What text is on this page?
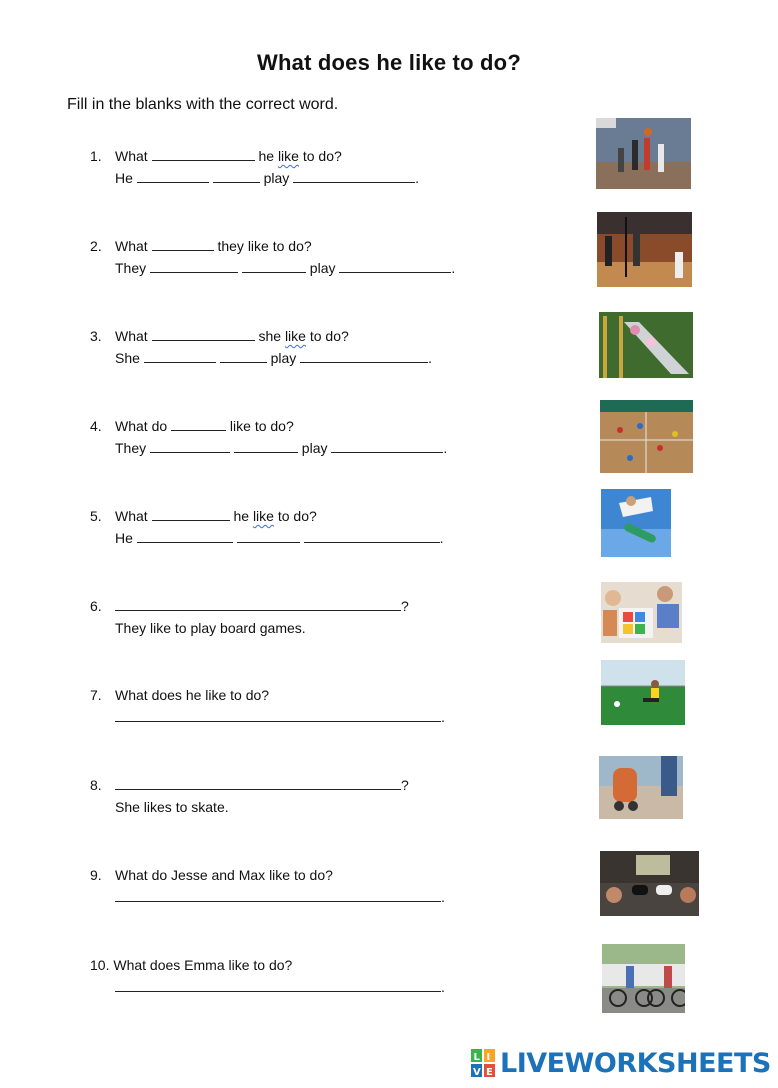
What does he like to do?
Fill in the blanks with the correct word.
1. What	he like to do?
He	play	.
2. What	they like to do?
They	play	.
3. What	she like to do?
She	play	.
4. What do	like to do?
They	play	.
5. What	he like to do?
He	.
6.	?
They like to play board games.
7. What does he like to do?
.
8.	?
She likes to skate.
9. What do Jesse and Max like to do?
.
10. What does Emma like to do?
.
L I
V E LIVEWORKSHEETS
